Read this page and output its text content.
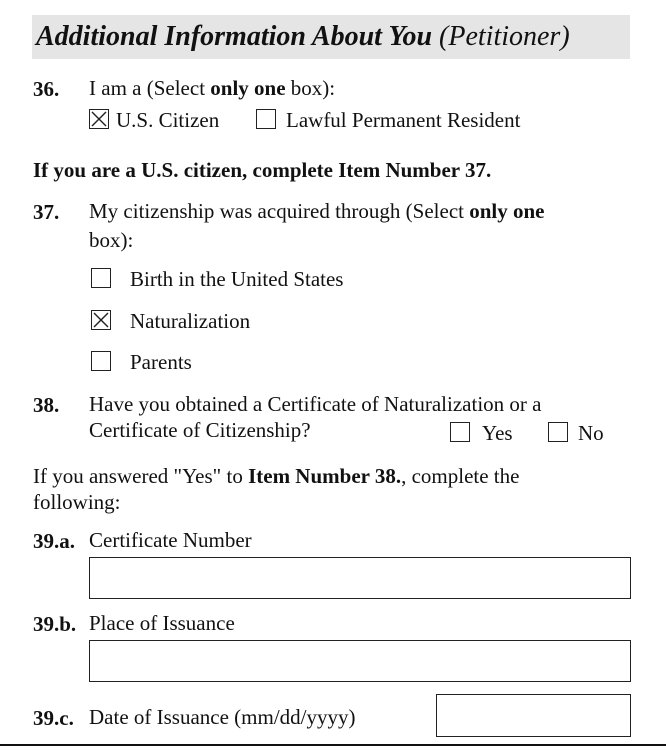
Additional Information About You (Petitioner)
36. I am a (Select only one box):
U.S. Citizen	Lawful Permanent Resident
If you are a U.S. citizen, complete Item Number 37.
37. My citizenship was acquired through (Select only one
box):
Birth in the United States
Naturalization
Parents
38. Have you obtained a Certificate of Naturalization or a
Certificate of Citizenship?	Yes	No
If you answered "Yes" to Item Number 38., complete the
following:
39.a. Certificate Number
39.b. Place of Issuance
39.c. Date of Issuance (mm/dd/yyyy)
